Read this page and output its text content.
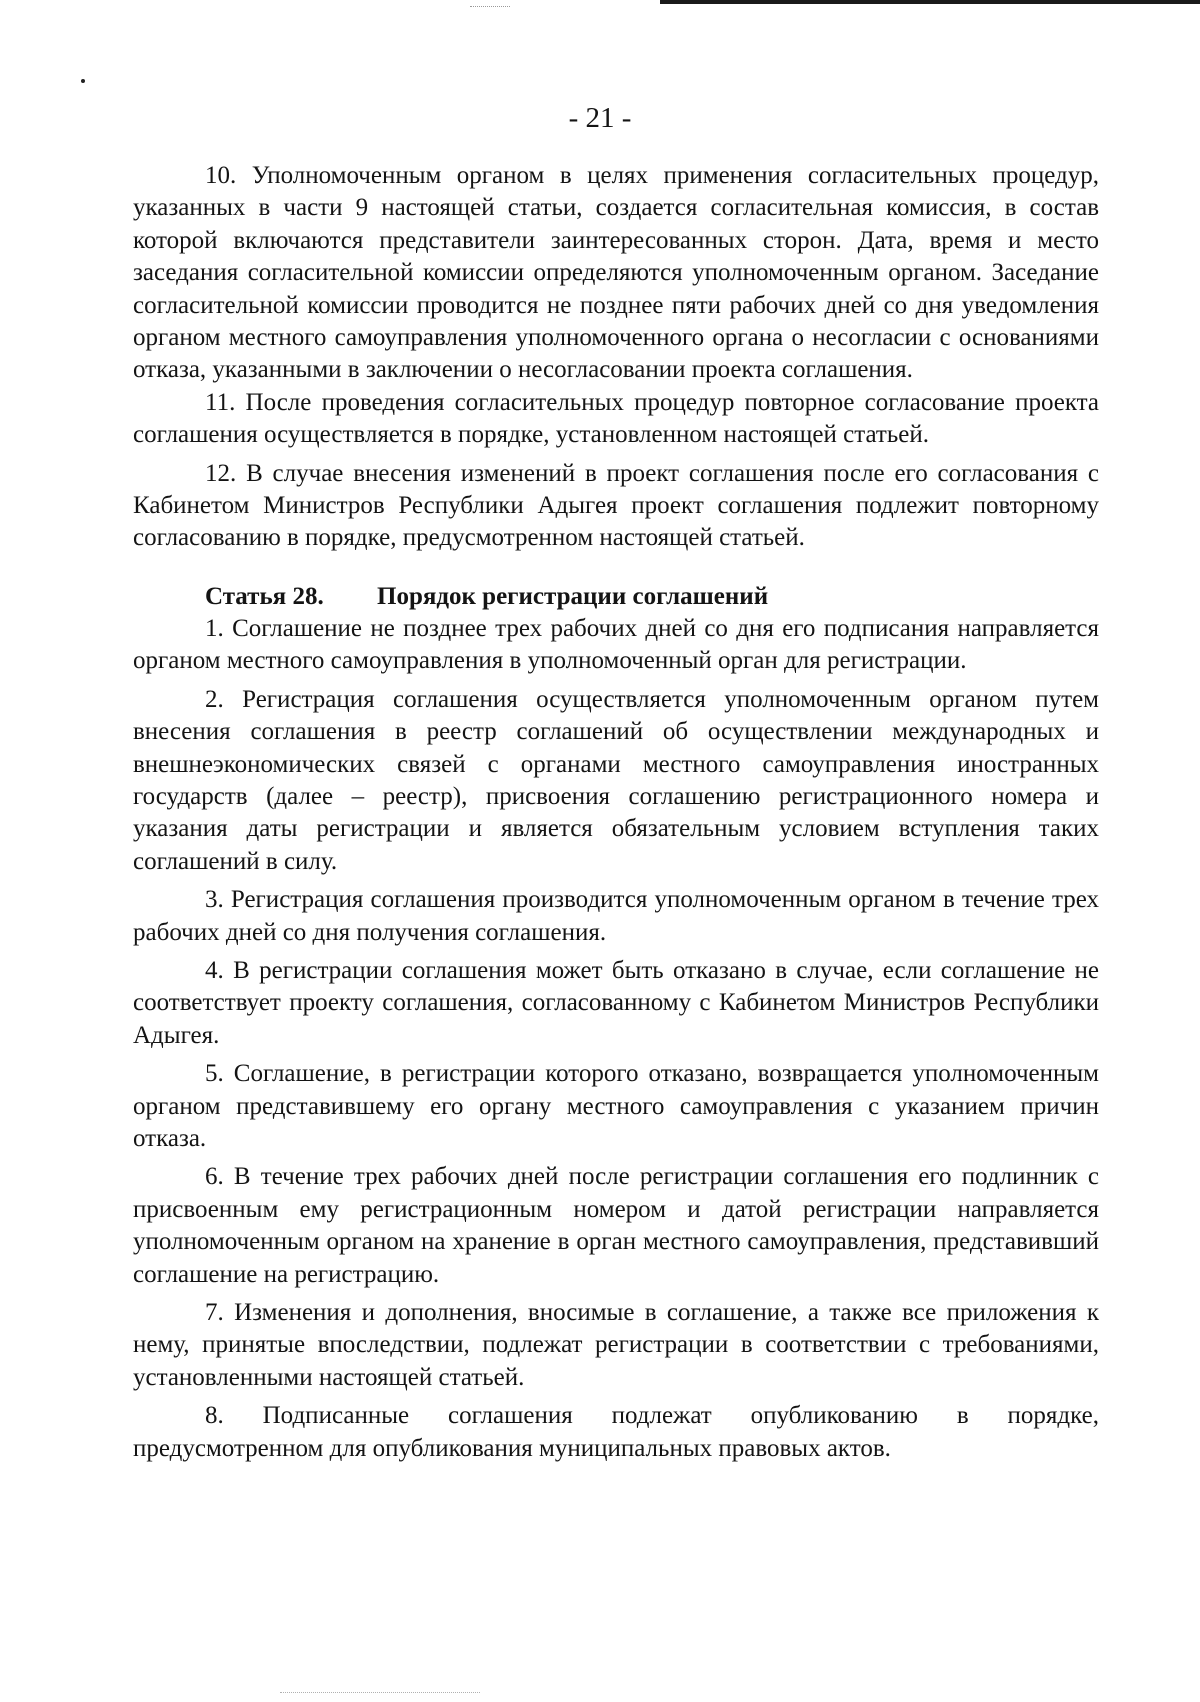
- 21 -

10. Уполномоченным органом в целях применения согласительных процедур, указанных в части 9 настоящей статьи, создается согласительная комиссия, в состав которой включаются представители заинтересованных сторон. Дата, время и место заседания согласительной комиссии определяются уполномоченным органом. Заседание согласительной комиссии проводится не позднее пяти рабочих дней со дня уведомления органом местного самоуправления уполномоченного органа о несогласии с основаниями отказа, указанными в заключении о несогласовании проекта соглашения.

11. После проведения согласительных процедур повторное согласование проекта соглашения осуществляется в порядке, установленном настоящей статьей.

12. В случае внесения изменений в проект соглашения после его согласования с Кабинетом Министров Республики Адыгея проект соглашения подлежит повторному согласованию в порядке, предусмотренном настоящей статьей.

Статья 28. Порядок регистрации соглашений

1. Соглашение не позднее трех рабочих дней со дня его подписания направляется органом местного самоуправления в уполномоченный орган для регистрации.

2. Регистрация соглашения осуществляется уполномоченным органом путем внесения соглашения в реестр соглашений об осуществлении международных и внешнеэкономических связей с органами местного самоуправления иностранных государств (далее – реестр), присвоения соглашению регистрационного номера и указания даты регистрации и является обязательным условием вступления таких соглашений в силу.

3. Регистрация соглашения производится уполномоченным органом в течение трех рабочих дней со дня получения соглашения.

4. В регистрации соглашения может быть отказано в случае, если соглашение не соответствует проекту соглашения, согласованному с Кабинетом Министров Республики Адыгея.

5. Соглашение, в регистрации которого отказано, возвращается уполномоченным органом представившему его органу местного самоуправления с указанием причин отказа.

6. В течение трех рабочих дней после регистрации соглашения его подлинник с присвоенным ему регистрационным номером и датой регистрации направляется уполномоченным органом на хранение в орган местного самоуправления, представивший соглашение на регистрацию.

7. Изменения и дополнения, вносимые в соглашение, а также все приложения к нему, принятые впоследствии, подлежат регистрации в соответствии с требованиями, установленными настоящей статьей.

8. Подписанные соглашения подлежат опубликованию в порядке, предусмотренном для опубликования муниципальных правовых актов.
